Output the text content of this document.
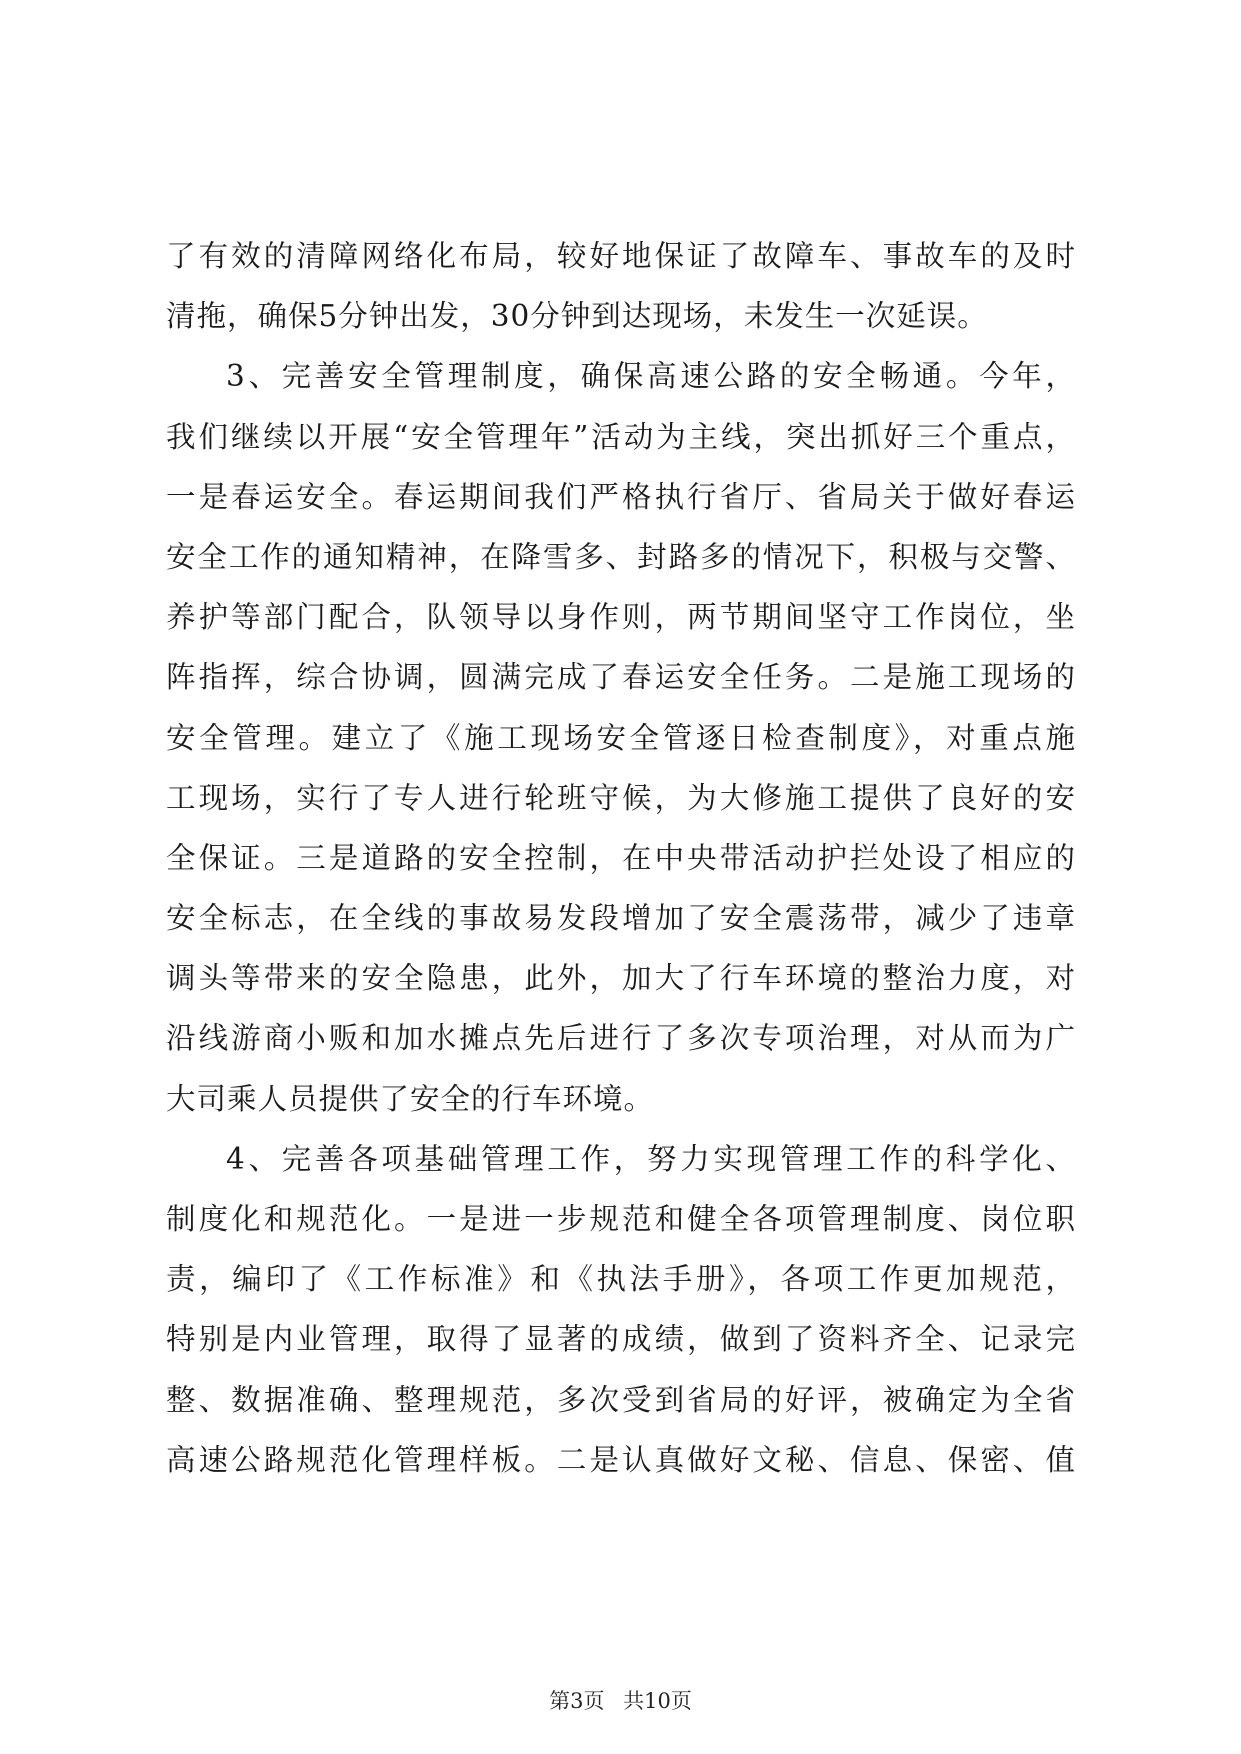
了有效的清障网络化布局，较好地保证了故障车、事故车的及时
清拖，确保5分钟出发，30分钟到达现场，未发生一次延误。
3、完善安全管理制度，确保高速公路的安全畅通。今年，
我们继续以开展“安全管理年”活动为主线，突出抓好三个重点，
一是春运安全。春运期间我们严格执行省厅、省局关于做好春运
安全工作的通知精神，在降雪多、封路多的情况下，积极与交警、
养护等部门配合，队领导以身作则，两节期间坚守工作岗位，坐
阵指挥，综合协调，圆满完成了春运安全任务。二是施工现场的
安全管理。建立了《施工现场安全管逐日检查制度》，对重点施
工现场，实行了专人进行轮班守候，为大修施工提供了良好的安
全保证。三是道路的安全控制，在中央带活动护拦处设了相应的
安全标志，在全线的事故易发段增加了安全震荡带，减少了违章
调头等带来的安全隐患，此外，加大了行车环境的整治力度，对
沿线游商小贩和加水摊点先后进行了多次专项治理，对从而为广
大司乘人员提供了安全的行车环境。
4、完善各项基础管理工作，努力实现管理工作的科学化、
制度化和规范化。一是进一步规范和健全各项管理制度、岗位职
责，编印了《工作标准》和《执法手册》，各项工作更加规范，
特别是内业管理，取得了显著的成绩，做到了资料齐全、记录完
整、数据准确、整理规范，多次受到省局的好评，被确定为全省
高速公路规范化管理样板。二是认真做好文秘、信息、保密、值
第3页 共10页
